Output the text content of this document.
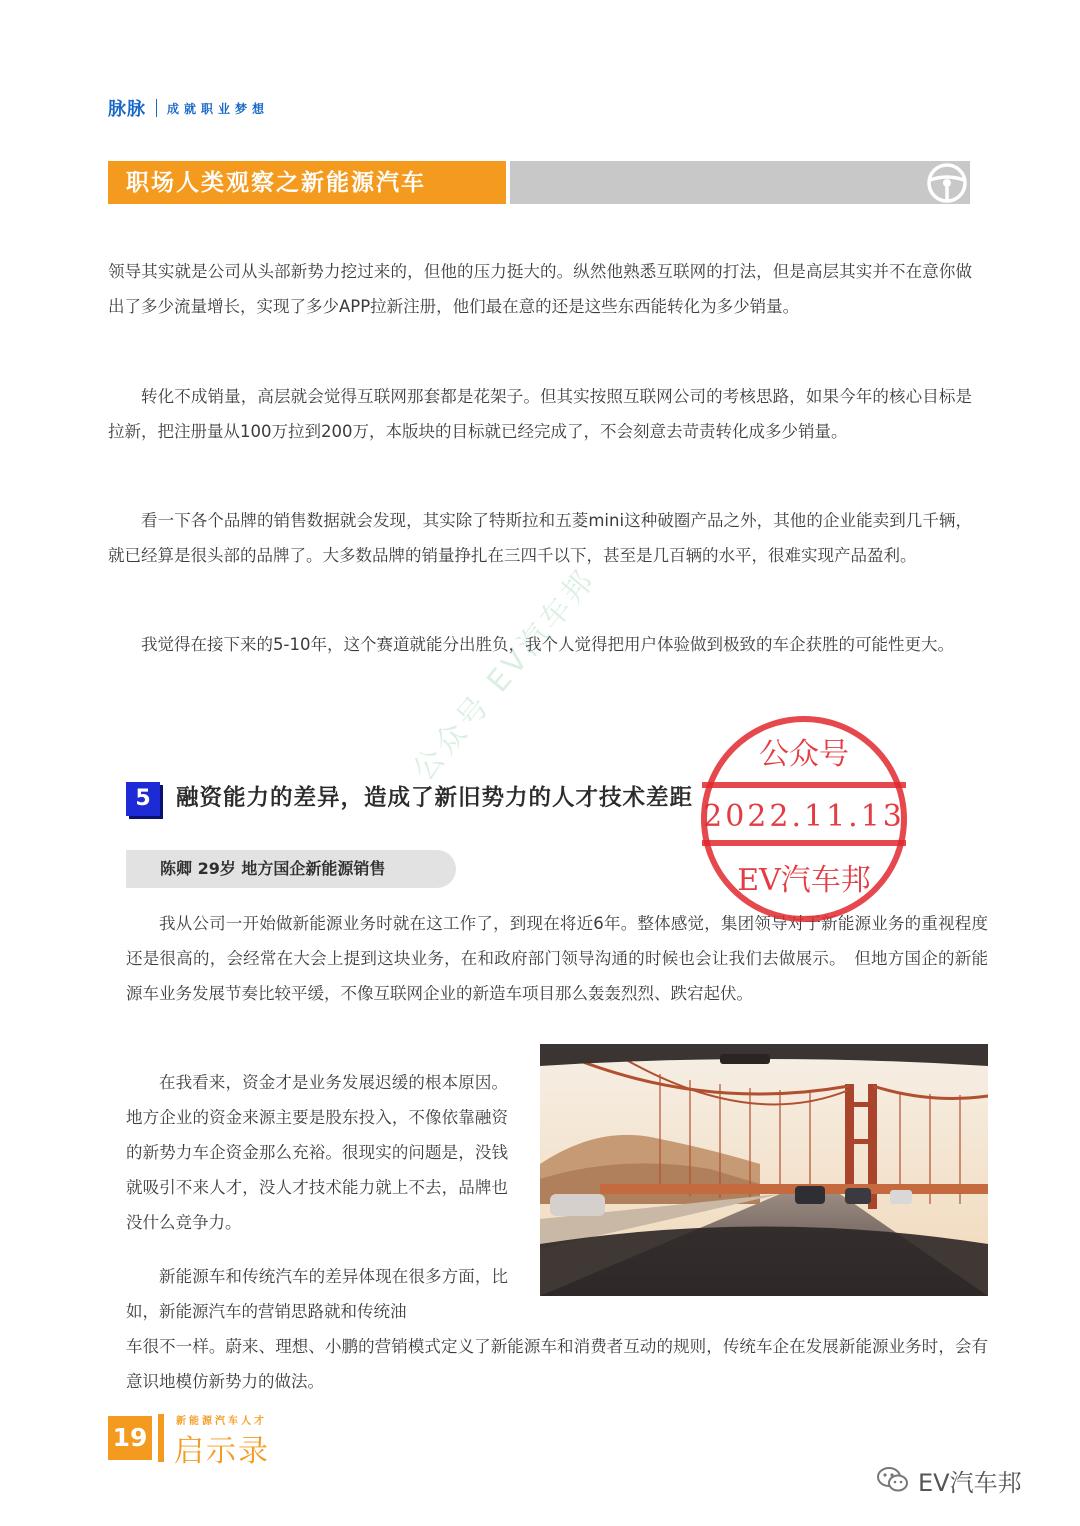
脉脉 成就职业梦想
职场人类观察之新能源汽车

领导其实就是公司从头部新势力挖过来的，但他的压力挺大的。纵然他熟悉互联网的打法，但是高层其实并不在意你做出了多少流量增长，实现了多少APP拉新注册，他们最在意的还是这些东西能转化为多少销量。

转化不成销量，高层就会觉得互联网那套都是花架子。但其实按照互联网公司的考核思路，如果今年的核心目标是拉新，把注册量从100万拉到200万，本版块的目标就已经完成了，不会刻意去苛责转化成多少销量。

看一下各个品牌的销售数据就会发现，其实除了特斯拉和五菱mini这种破圈产品之外，其他的企业能卖到几千辆，就已经算是很头部的品牌了。大多数品牌的销量挣扎在三四千以下，甚至是几百辆的水平，很难实现产品盈利。

我觉得在接下来的5-10年，这个赛道就能分出胜负，我个人觉得把用户体验做到极致的车企获胜的可能性更大。

5	融资能力的差异，造成了新旧势力的人才技术差距
陈卿 29岁 地方国企新能源销售

我从公司一开始做新能源业务时就在这工作了，到现在将近6年。整体感觉，集团领导对于新能源业务的重视程度还是很高的，会经常在大会上提到这块业务，在和政府部门领导沟通的时候也会让我们去做展示。　但地方国企的新能源车业务发展节奏比较平缓，不像互联网企业的新造车项目那么轰轰烈烈、跌宕起伏。

在我看来，资金才是业务发展迟缓的根本原因。地方企业的资金来源主要是股东投入，不像依靠融资的新势力车企资金那么充裕。很现实的问题是，没钱就吸引不来人才，没人才技术能力就上不去，品牌也没什么竞争力。

新能源车和传统汽车的差异体现在很多方面，比如，新能源汽车的营销思路就和传统油

车很不一样。蔚来、理想、小鹏的营销模式定义了新能源车和消费者互动的规则，传统车企在发展新能源业务时，会有意识地模仿新势力的做法。

公众号
2022.11.13
EV汽车邦
公众号 EV汽车邦
19
新能源汽车人才
启示录
EV汽车邦
